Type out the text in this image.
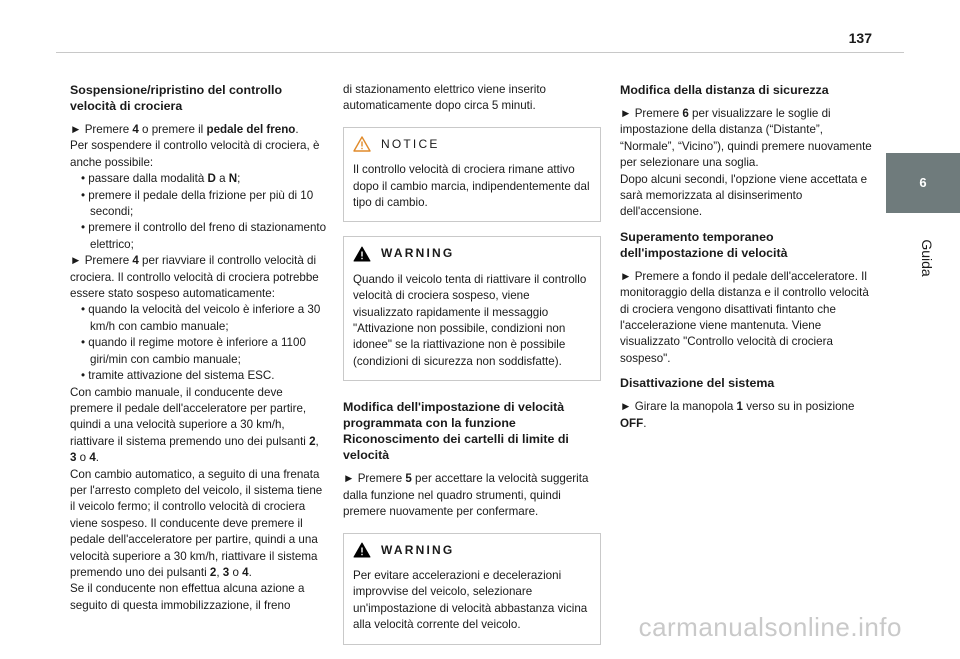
137
6
Guida
Sospensione/ripristino del controllo velocità di crociera

► Premere 4 o premere il pedale del freno.

Per sospendere il controllo velocità di crociera, è anche possibile:

• passare dalla modalità D a N;

• premere il pedale della frizione per più di 10 secondi;

• premere il controllo del freno di stazionamento elettrico;

► Premere 4 per riavviare il controllo velocità di crociera. Il controllo velocità di crociera potrebbe essere stato sospeso automaticamente:

• quando la velocità del veicolo è inferiore a 30 km/h con cambio manuale;

• quando il regime motore è inferiore a 1100 giri/min con cambio manuale;

• tramite attivazione del sistema ESC.

Con cambio manuale, il conducente deve premere il pedale dell'acceleratore per partire, quindi a una velocità superiore a 30 km/h, riattivare il sistema premendo uno dei pulsanti 2, 3 o 4.

Con cambio automatico, a seguito di una frenata per l'arresto completo del veicolo, il sistema tiene il veicolo fermo; il controllo velocità di crociera viene sospeso. Il conducente deve premere il pedale dell'acceleratore per partire, quindi a una velocità superiore a 30 km/h, riattivare il sistema premendo uno dei pulsanti 2, 3 o 4.

Se il conducente non effettua alcuna azione a seguito di questa immobilizzazione, il freno

di stazionamento elettrico viene inserito automaticamente dopo circa 5 minuti.

NOTICE

Il controllo velocità di crociera rimane attivo dopo il cambio marcia, indipendentemente dal tipo di cambio.

WARNING

Quando il veicolo tenta di riattivare il controllo velocità di crociera sospeso, viene visualizzato rapidamente il messaggio "Attivazione non possibile, condizioni non idonee" se la riattivazione non è possibile (condizioni di sicurezza non soddisfatte).

Modifica dell'impostazione di velocità programmata con la funzione Riconoscimento dei cartelli di limite di velocità

► Premere 5 per accettare la velocità suggerita dalla funzione nel quadro strumenti, quindi premere nuovamente per confermare.

WARNING

Per evitare accelerazioni e decelerazioni improvvise del veicolo, selezionare un'impostazione di velocità abbastanza vicina alla velocità corrente del veicolo.

Modifica della distanza di sicurezza

► Premere 6 per visualizzare le soglie di impostazione della distanza (“Distante”, “Normale”, “Vicino”), quindi premere nuovamente per selezionare una soglia.

Dopo alcuni secondi, l'opzione viene accettata e sarà memorizzata al disinserimento dell'accensione.

Superamento temporaneo dell'impostazione di velocità

► Premere a fondo il pedale dell'acceleratore. Il monitoraggio della distanza e il controllo velocità di crociera vengono disattivati fintanto che l'accelerazione viene mantenuta. Viene visualizzato "Controllo velocità di crociera sospeso".

Disattivazione del sistema

► Girare la manopola 1 verso su in posizione OFF.

carmanualsonline.info
